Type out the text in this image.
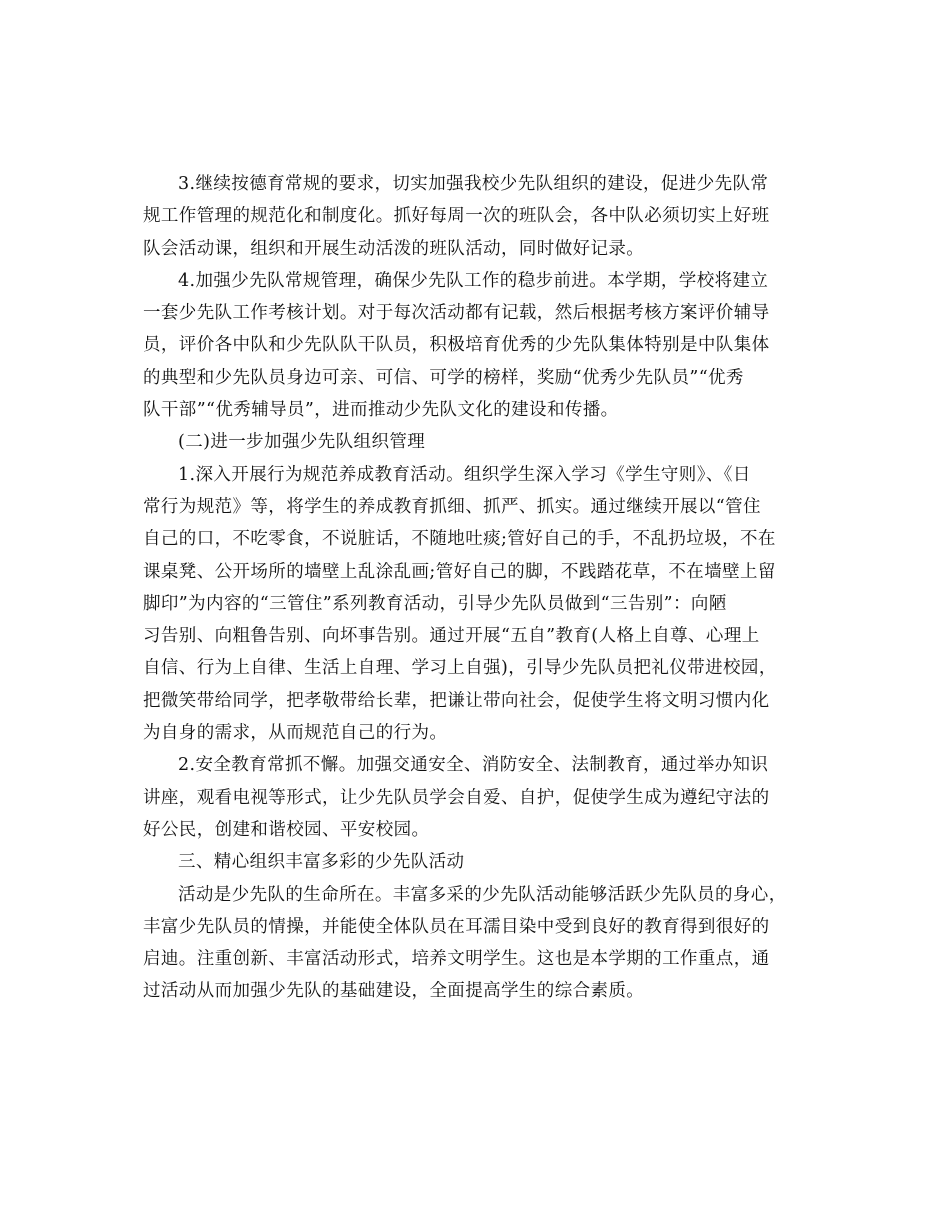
3.继续按德育常规的要求，切实加强我校少先队组织的建设，促进少先队常
规工作管理的规范化和制度化。抓好每周一次的班队会，各中队必须切实上好班
队会活动课，组织和开展生动活泼的班队活动，同时做好记录。
4.加强少先队常规管理，确保少先队工作的稳步前进。本学期，学校将建立
一套少先队工作考核计划。对于每次活动都有记载，然后根据考核方案评价辅导
员，评价各中队和少先队队干队员，积极培育优秀的少先队集体特别是中队集体
的典型和少先队员身边可亲、可信、可学的榜样，奖励“优秀少先队员”“优秀
队干部”“优秀辅导员”，进而推动少先队文化的建设和传播。
(二)进一步加强少先队组织管理
1.深入开展行为规范养成教育活动。组织学生深入学习《学生守则》、《日
常行为规范》等，将学生的养成教育抓细、抓严、抓实。通过继续开展以“管住
自己的口，不吃零食，不说脏话，不随地吐痰;管好自己的手，不乱扔垃圾，不在
课桌凳、公开场所的墙壁上乱涂乱画;管好自己的脚，不践踏花草，不在墙壁上留
脚印”为内容的“三管住”系列教育活动，引导少先队员做到“三告别”：向陋
习告别、向粗鲁告别、向坏事告别。通过开展“五自”教育(人格上自尊、心理上
自信、行为上自律、生活上自理、学习上自强)，引导少先队员把礼仪带进校园，
把微笑带给同学，把孝敬带给长辈，把谦让带向社会，促使学生将文明习惯内化
为自身的需求，从而规范自己的行为。
2.安全教育常抓不懈。加强交通安全、消防安全、法制教育，通过举办知识
讲座，观看电视等形式，让少先队员学会自爱、自护，促使学生成为遵纪守法的
好公民，创建和谐校园、平安校园。
三、精心组织丰富多彩的少先队活动
活动是少先队的生命所在。丰富多采的少先队活动能够活跃少先队员的身心，
丰富少先队员的情操，并能使全体队员在耳濡目染中受到良好的教育得到很好的
启迪。注重创新、丰富活动形式，培养文明学生。这也是本学期的工作重点，通
过活动从而加强少先队的基础建设，全面提高学生的综合素质。
